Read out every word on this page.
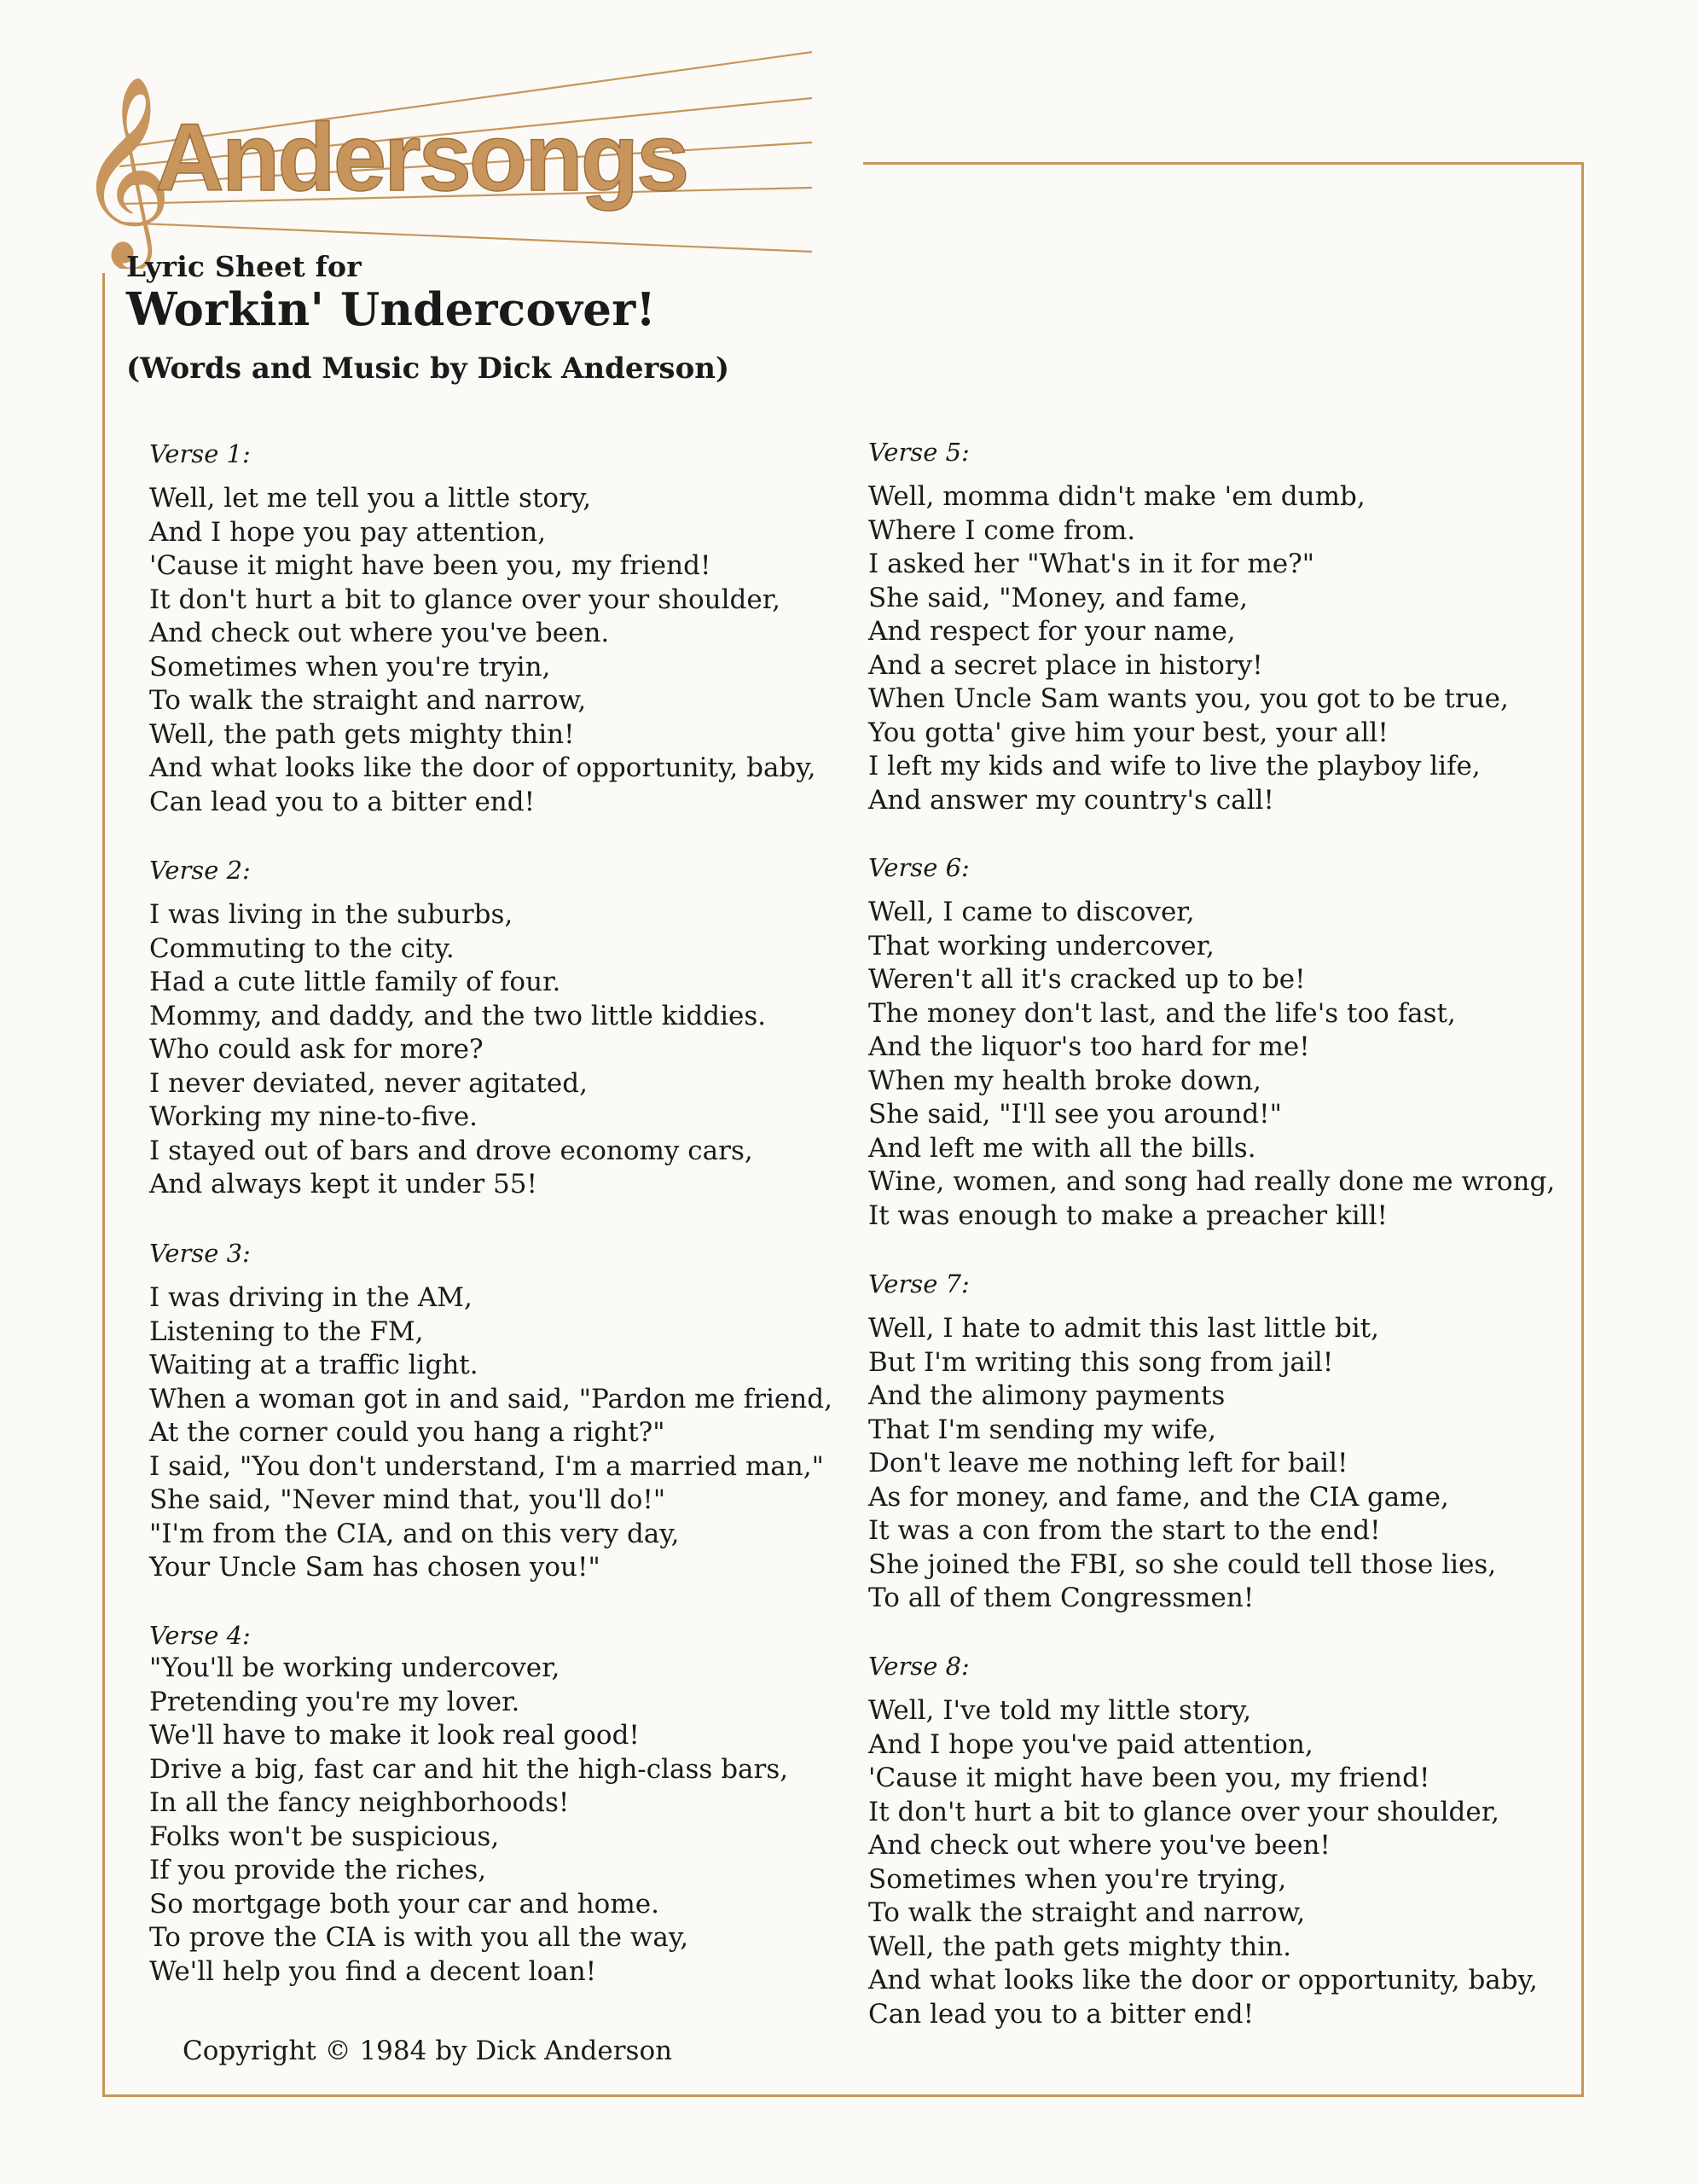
𝄞
Andersongs
Lyric Sheet for
Workin' Undercover!
(Words and Music by Dick Anderson)
Verse 1:
Well, let me tell you a little story,
And I hope you pay attention,
'Cause it might have been you, my friend!
It don't hurt a bit to glance over your shoulder,
And check out where you've been.
Sometimes when you're tryin,
To walk the straight and narrow,
Well, the path gets mighty thin!
And what looks like the door of opportunity, baby,
Can lead you to a bitter end!
Verse 2:
I was living in the suburbs,
Commuting to the city.
Had a cute little family of four.
Mommy, and daddy, and the two little kiddies.
Who could ask for more?
I never deviated, never agitated,
Working my nine-to-five.
I stayed out of bars and drove economy cars,
And always kept it under 55!
Verse 3:
I was driving in the AM,
Listening to the FM,
Waiting at a traffic light.
When a woman got in and said, "Pardon me friend,
At the corner could you hang a right?"
I said, "You don't understand, I'm a married man,"
She said, "Never mind that, you'll do!"
"I'm from the CIA, and on this very day,
Your Uncle Sam has chosen you!"
Verse 4:
"You'll be working undercover,
Pretending you're my lover.
We'll have to make it look real good!
Drive a big, fast car and hit the high-class bars,
In all the fancy neighborhoods!
Folks won't be suspicious,
If you provide the riches,
So mortgage both your car and home.
To prove the CIA is with you all the way,
We'll help you find a decent loan!
Verse 5:
Well, momma didn't make 'em dumb,
Where I come from.
I asked her "What's in it for me?"
She said, "Money, and fame,
And respect for your name,
And a secret place in history!
When Uncle Sam wants you, you got to be true,
You gotta' give him your best, your all!
I left my kids and wife to live the playboy life,
And answer my country's call!
Verse 6:
Well, I came to discover,
That working undercover,
Weren't all it's cracked up to be!
The money don't last, and the life's too fast,
And the liquor's too hard for me!
When my health broke down,
She said, "I'll see you around!"
And left me with all the bills.
Wine, women, and song had really done me wrong,
It was enough to make a preacher kill!
Verse 7:
Well, I hate to admit this last little bit,
But I'm writing this song from jail!
And the alimony payments
That I'm sending my wife,
Don't leave me nothing left for bail!
As for money, and fame, and the CIA game,
It was a con from the start to the end!
She joined the FBI, so she could tell those lies,
To all of them Congressmen!
Verse 8:
Well, I've told my little story,
And I hope you've paid attention,
'Cause it might have been you, my friend!
It don't hurt a bit to glance over your shoulder,
And check out where you've been!
Sometimes when you're trying,
To walk the straight and narrow,
Well, the path gets mighty thin.
And what looks like the door or opportunity, baby,
Can lead you to a bitter end!
Copyright © 1984 by Dick Anderson
